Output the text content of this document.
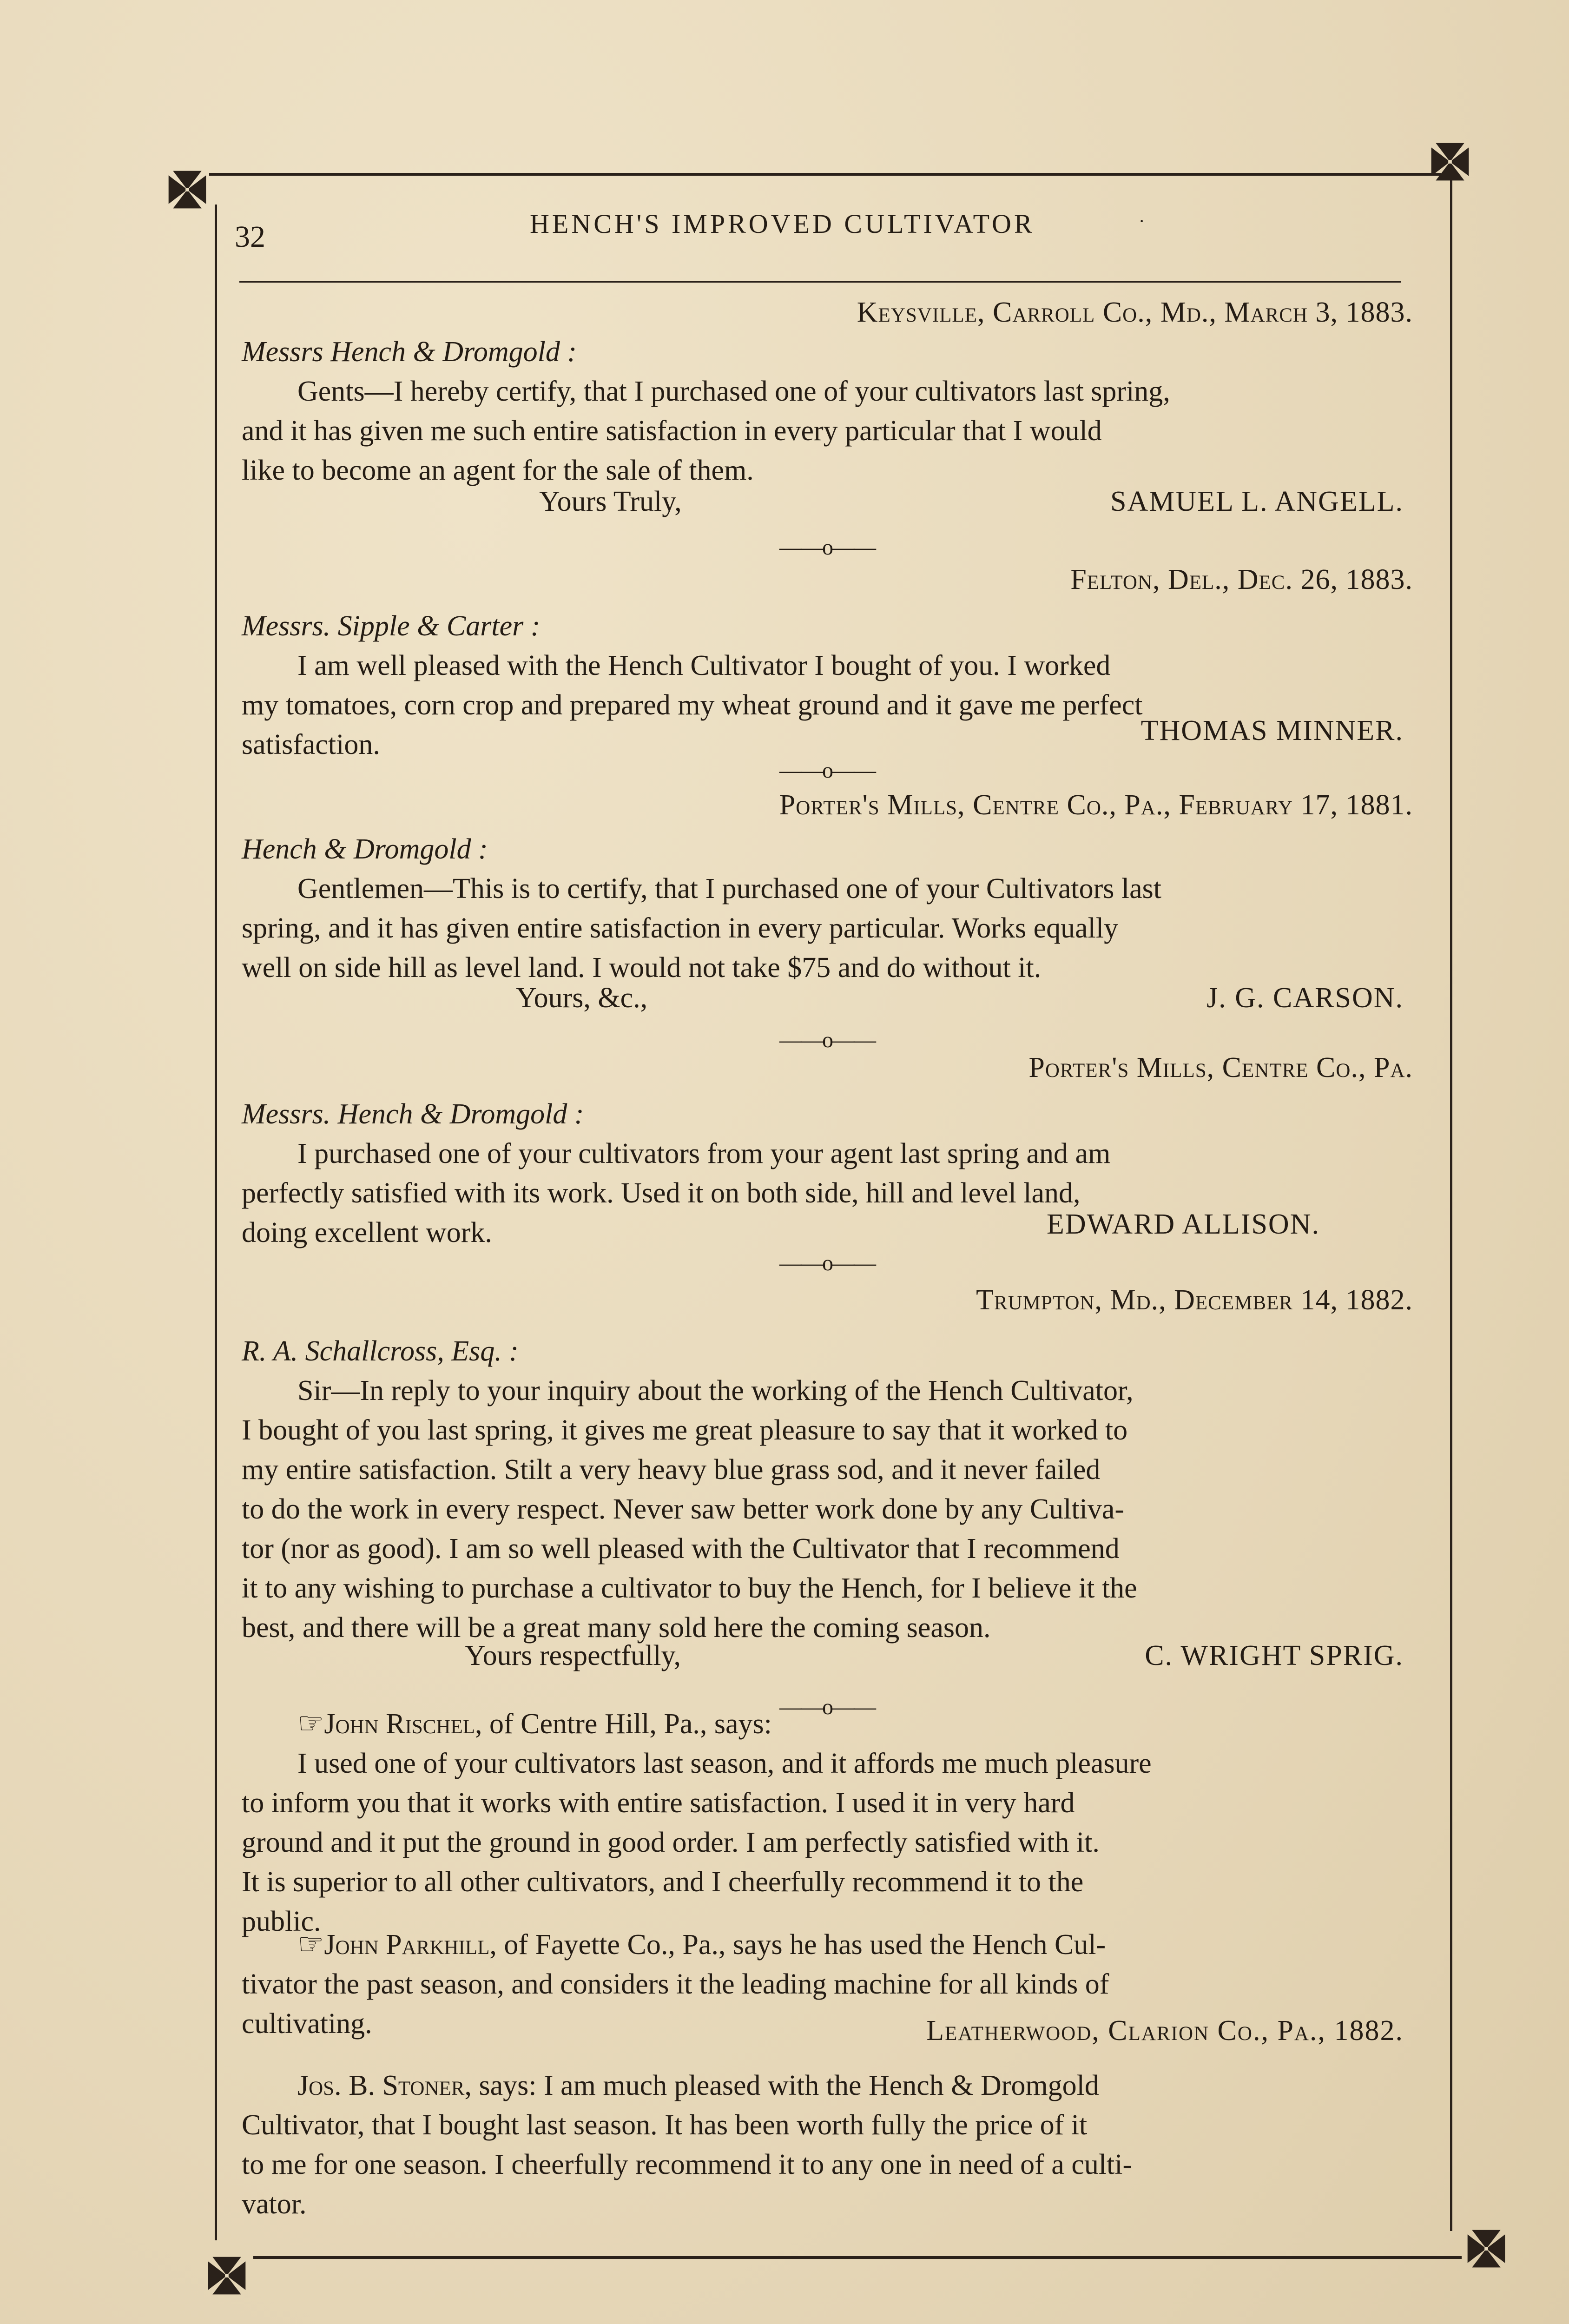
32	HENCH'S IMPROVED CULTIVATOR	·
Keysville, Carroll Co., Md., March 3, 1883.
Messrs Hench & Dromgold :
Gents—I hereby certify, that I purchased one of your cultivators last spring,
and it has given me such entire satisfaction in every particular that I would
like to become an agent for the sale of them.
Yours Truly,	SAMUEL L. ANGELL.
——o——
Felton, Del., Dec. 26, 1883.
Messrs. Sipple & Carter :
I am well pleased with the Hench Cultivator I bought of you. I worked
my tomatoes, corn crop and prepared my wheat ground and it gave me perfect
satisfaction.	THOMAS MINNER.
——o——
Porter's Mills, Centre Co., Pa., February 17, 1881.
Hench & Dromgold :
Gentlemen—This is to certify, that I purchased one of your Cultivators last
spring, and it has given entire satisfaction in every particular. Works equally
well on side hill as level land. I would not take $75 and do without it.
Yours, &c.,	J. G. CARSON.
——o——
Porter's Mills, Centre Co., Pa.
Messrs. Hench & Dromgold :
I purchased one of your cultivators from your agent last spring and am
perfectly satisfied with its work. Used it on both side, hill and level land,
doing excellent work.	EDWARD ALLISON.
——o——
Trumpton, Md., December 14, 1882.
R. A. Schallcross, Esq. :
Sir—In reply to your inquiry about the working of the Hench Cultivator,
I bought of you last spring, it gives me great pleasure to say that it worked to
my entire satisfaction. Stilt a very heavy blue grass sod, and it never failed
to do the work in every respect. Never saw better work done by any Cultiva-
tor (nor as good). I am so well pleased with the Cultivator that I recommend
it to any wishing to purchase a cultivator to buy the Hench, for I believe it the
best, and there will be a great many sold here the coming season.
Yours respectfully,	C. WRIGHT SPRIG.
——o——
☞John Rischel, of Centre Hill, Pa., says:
I used one of your cultivators last season, and it affords me much pleasure
to inform you that it works with entire satisfaction. I used it in very hard
ground and it put the ground in good order. I am perfectly satisfied with it.
It is superior to all other cultivators, and I cheerfully recommend it to the
public.
☞John Parkhill, of Fayette Co., Pa., says he has used the Hench Cul-
tivator the past season, and considers it the leading machine for all kinds of
cultivating.	Leatherwood, Clarion Co., Pa., 1882.
Jos. B. Stoner, says: I am much pleased with the Hench & Dromgold
Cultivator, that I bought last season. It has been worth fully the price of it
to me for one season. I cheerfully recommend it to any one in need of a culti-
vator.
